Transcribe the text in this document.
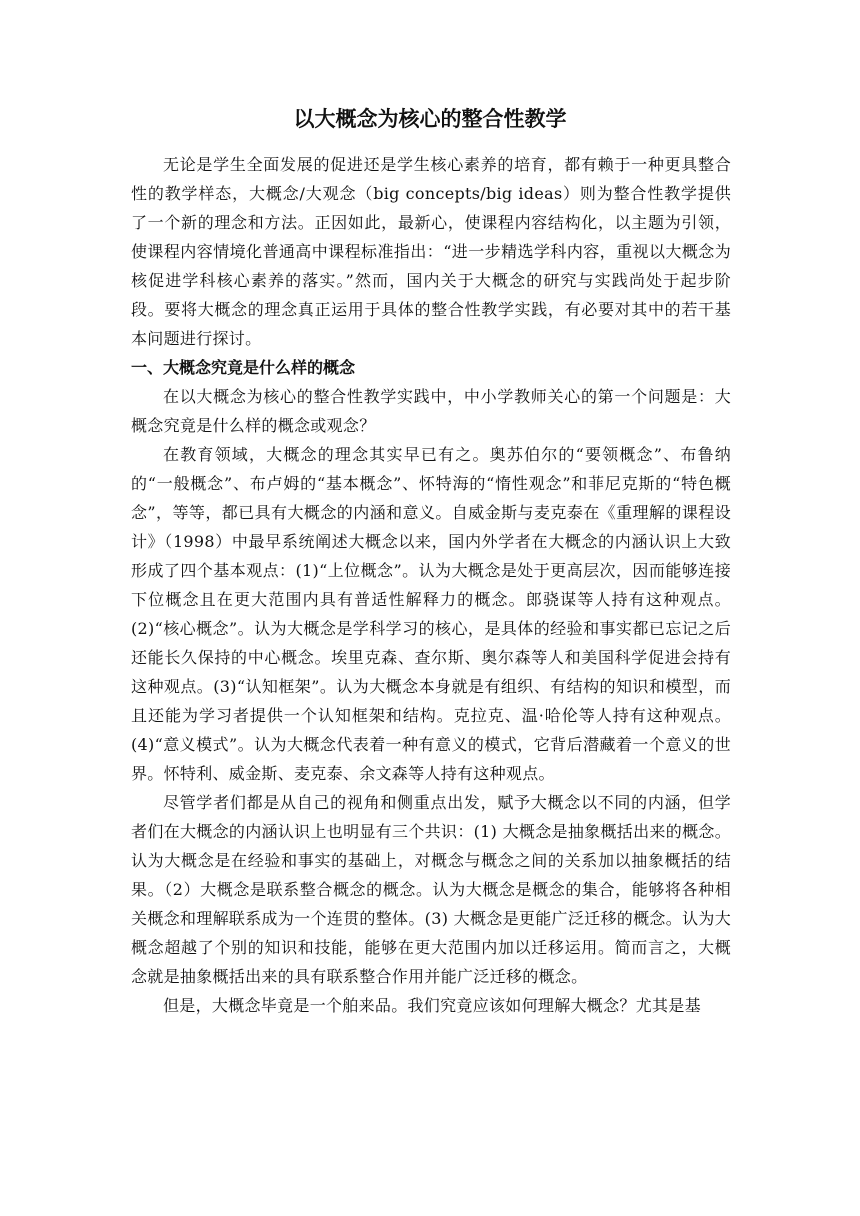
以大概念为核心的整合性教学

无论是学生全面发展的促进还是学生核心素养的培育，都有赖于一种更具整合性的教学样态，大概念/大观念（big concepts/big ideas）则为整合性教学提供了一个新的理念和方法。正因如此，最新心，使课程内容结构化，以主题为引领，使课程内容情境化普通高中课程标准指出：“进一步精选学科内容，重视以大概念为核促进学科核心素养的落实。”然而，国内关于大概念的研究与实践尚处于起步阶段。要将大概念的理念真正运用于具体的整合性教学实践，有必要对其中的若干基本问题进行探讨。

一、大概念究竟是什么样的概念

在以大概念为核心的整合性教学实践中，中小学教师关心的第一个问题是：大概念究竟是什么样的概念或观念？

在教育领域，大概念的理念其实早已有之。奥苏伯尔的“要领概念”、布鲁纳的“一般概念”、布卢姆的“基本概念”、怀特海的“惰性观念”和菲尼克斯的“特色概念”，等等，都已具有大概念的内涵和意义。自威金斯与麦克泰在《重理解的课程设计》（1998）中最早系统阐述大概念以来，国内外学者在大概念的内涵认识上大致形成了四个基本观点：(1)“上位概念”。认为大概念是处于更高层次，因而能够连接下位概念且在更大范围内具有普适性解释力的概念。郎骁谋等人持有这种观点。(2)“核心概念”。认为大概念是学科学习的核心，是具体的经验和事实都已忘记之后还能长久保持的中心概念。埃里克森、查尔斯、奥尔森等人和美国科学促进会持有这种观点。(3)“认知框架”。认为大概念本身就是有组织、有结构的知识和模型，而且还能为学习者提供一个认知框架和结构。克拉克、温·哈伦等人持有这种观点。(4)“意义模式”。认为大概念代表着一种有意义的模式，它背后潜藏着一个意义的世界。怀特利、威金斯、麦克泰、余文森等人持有这种观点。

尽管学者们都是从自己的视角和侧重点出发，赋予大概念以不同的内涵，但学者们在大概念的内涵认识上也明显有三个共识：(1) 大概念是抽象概括出来的概念。认为大概念是在经验和事实的基础上，对概念与概念之间的关系加以抽象概括的结果。（2）大概念是联系整合概念的概念。认为大概念是概念的集合，能够将各种相关概念和理解联系成为一个连贯的整体。(3) 大概念是更能广泛迁移的概念。认为大概念超越了个别的知识和技能，能够在更大范围内加以迁移运用。简而言之，大概念就是抽象概括出来的具有联系整合作用并能广泛迁移的概念。

但是，大概念毕竟是一个舶来品。我们究竟应该如何理解大概念？尤其是基
